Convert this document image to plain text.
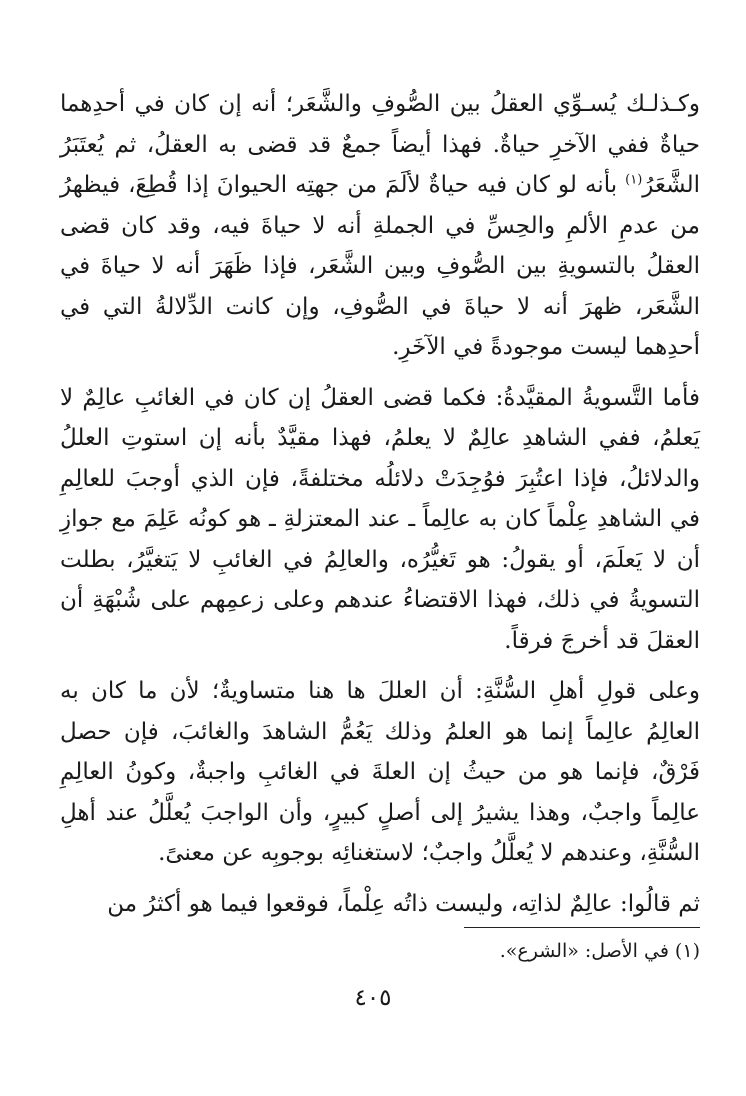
وكـذلـك يُسـوِّي العقلُ بين الصُّوفِ والشَّعَر؛ أنه إن كان في أحدِهما حياةٌ ففي الآخرِ حياةٌ. فهذا أيضاً جمعٌ قد قضى به العقلُ، ثم يُعتَبَرُ الشَّعَرُ$^{(١)}$ بأنه لو كان فيه حياةٌ لألَمَ من جهتِه الحيوانَ إذا قُطِعَ، فيظهرُ من عدمِ الألمِ والحِسِّ في الجملةِ أنه لا حياةَ فيه، وقد كان قضى العقلُ بالتسويةِ بين الصُّوفِ وبين الشَّعَر، فإذا ظَهَرَ أنه لا حياةَ في الشَّعَر، ظهرَ أنه لا حياةَ في الصُّوفِ، وإن كانت الدِّلالةُ التي في أحدِهما ليست موجودةً في الآخَرِ.

فأما التَّسويةُ المقيَّدةُ: فكما قضى العقلُ إن كان في الغائبِ عالِمٌ لا يَعلمُ، ففي الشاهدِ عالِمٌ لا يعلمُ، فهذا مقيَّدٌ بأنه إن استوتِ العللُ والدلائلُ، فإذا اعتُبِرَ فوُجِدَتْ دلائلُه مختلفةً، فإن الذي أوجبَ للعالِمِ في الشاهدِ عِلْماً كان به عالِماً ـ عند المعتزلةِ ـ هو كونُه عَلِمَ مع جوازِ أن لا يَعلَمَ، أو يقولُ: هو تَغيُّرُه، والعالِمُ في الغائبِ لا يَتغيَّرُ، بطلت التسويةُ في ذلك، فهذا الاقتضاءُ عندهم وعلى زعمِهم على شُبْهَةِ أن العقلَ قد أخرجَ فرقاً.

وعلى قولِ أهلِ السُّنَّةِ: أن العللَ ها هنا متساويةٌ؛ لأن ما كان به العالِمُ عالِماً إنما هو العلمُ وذلك يَعُمُّ الشاهدَ والغائبَ، فإن حصل فَرْقٌ، فإنما هو من حيثُ إن العلةَ في الغائبِ واجبةٌ، وكونُ العالِمِ عالِماً واجبٌ، وهذا يشيرُ إلى أصلٍ كبيرٍ، وأن الواجبَ يُعلَّلُ عند أهلِ السُّنَّةِ، وعندهم لا يُعلَّلُ واجبٌ؛ لاستغنائِه بوجوبِه عن معنىً.

ثم قالُوا: عالِمٌ لذاتِه، وليست ذاتُه عِلْماً، فوقعوا فيما هو أكثرُ من

(١) في الأصل: «الشرع».
٤٠٥
